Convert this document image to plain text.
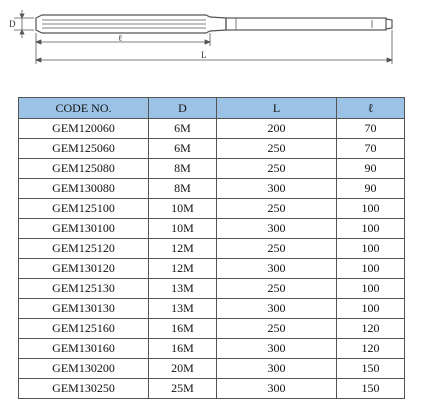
D
ℓ
L
CODE NO.	D	L	ℓ
GEM120060	6M	200	70
GEM125060	6M	250	70
GEM125080	8M	250	90
GEM130080	8M	300	90
GEM125100	10M	250	100
GEM130100	10M	300	100
GEM125120	12M	250	100
GEM130120	12M	300	100
GEM125130	13M	250	100
GEM130130	13M	300	100
GEM125160	16M	250	120
GEM130160	16M	300	120
GEM130200	20M	300	150
GEM130250	25M	300	150
